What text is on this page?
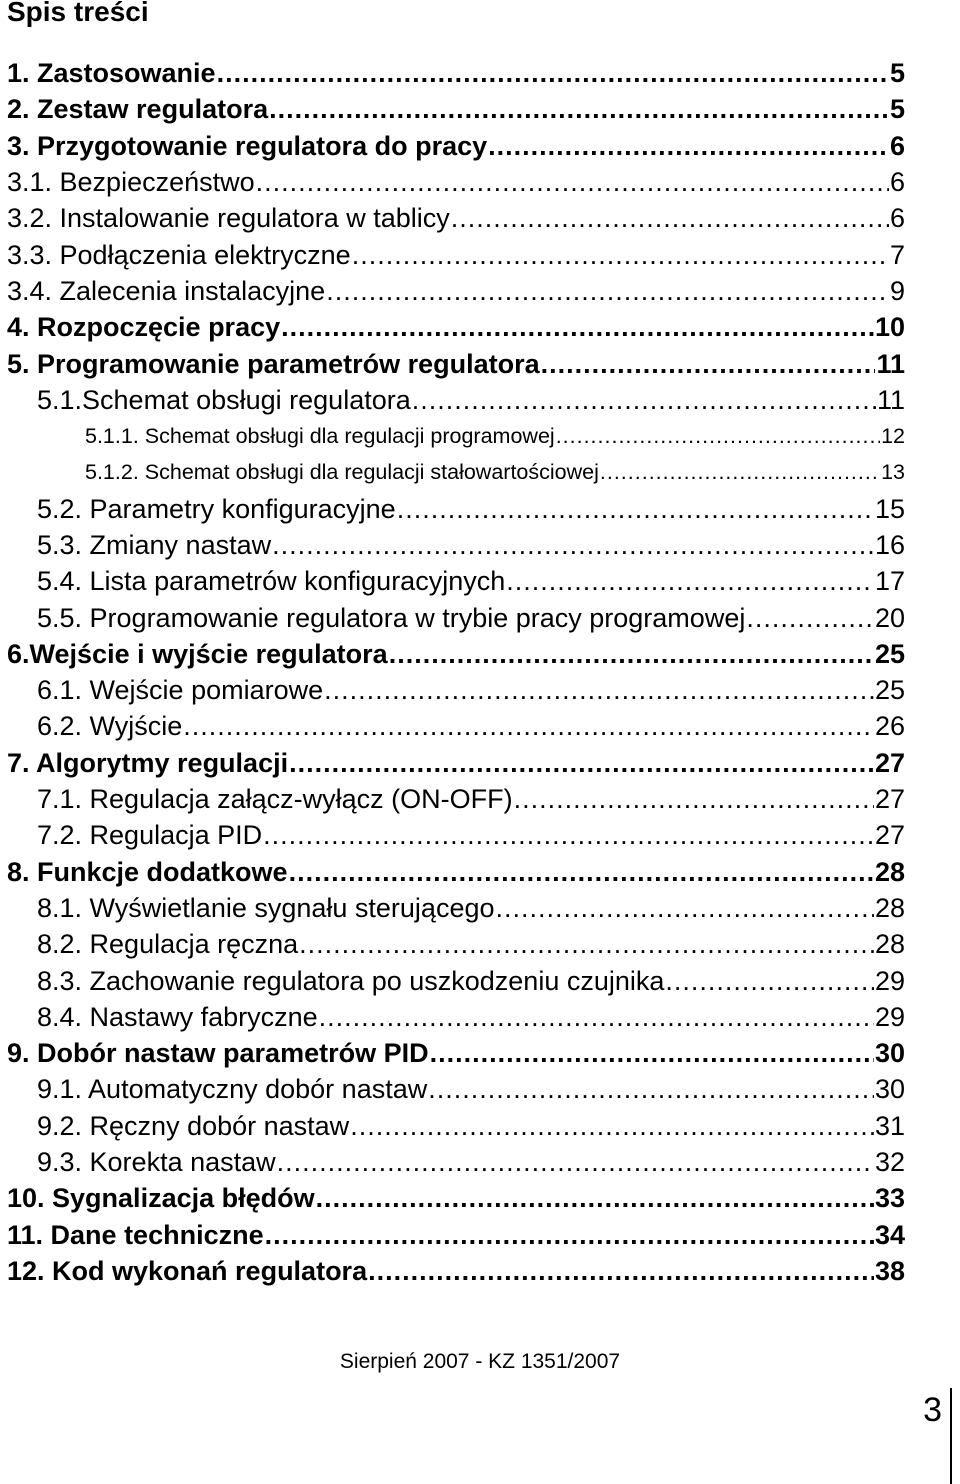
Spis treści
1. Zastosowanie .....	5
2. Zestaw regulatora .....	5
3. Przygotowanie regulatora do pracy .....	6
3.1. Bezpieczeństwo .....	6
3.2. Instalowanie regulatora w tablicy .....	6
3.3. Podłączenia elektryczne .....	7
3.4. Zalecenia instalacyjne .....	9
4. Rozpoczęcie pracy .....	10
5. Programowanie parametrów regulatora .....	11
5.1.Schemat obsługi regulatora .....	11
5.1.1. Schemat obsługi dla regulacji programowej .....	12
5.1.2. Schemat obsługi dla regulacji stałowartościowej .....	13
5.2. Parametry konfiguracyjne .....	15
5.3. Zmiany nastaw .....	16
5.4. Lista parametrów konfiguracyjnych .....	17
5.5. Programowanie regulatora w trybie pracy programowej .....	20
6.Wejście i wyjście regulatora .....	25
6.1. Wejście pomiarowe .....	25
6.2. Wyjście .....	26
7. Algorytmy regulacji .....	27
7.1. Regulacja załącz-wyłącz (ON-OFF) .....	27
7.2. Regulacja PID .....	27
8. Funkcje dodatkowe .....	28
8.1. Wyświetlanie sygnału sterującego .....	28
8.2. Regulacja ręczna .....	28
8.3. Zachowanie regulatora po uszkodzeniu czujnika .....	29
8.4. Nastawy fabryczne .....	29
9. Dobór nastaw parametrów PID .....	30
9.1. Automatyczny dobór nastaw .....	30
9.2. Ręczny dobór nastaw .....	31
9.3. Korekta nastaw .....	32
10. Sygnalizacja błędów .....	33
11. Dane techniczne .....	34
12. Kod wykonań regulatora .....	38
Sierpień 2007 - KZ 1351/2007
3
